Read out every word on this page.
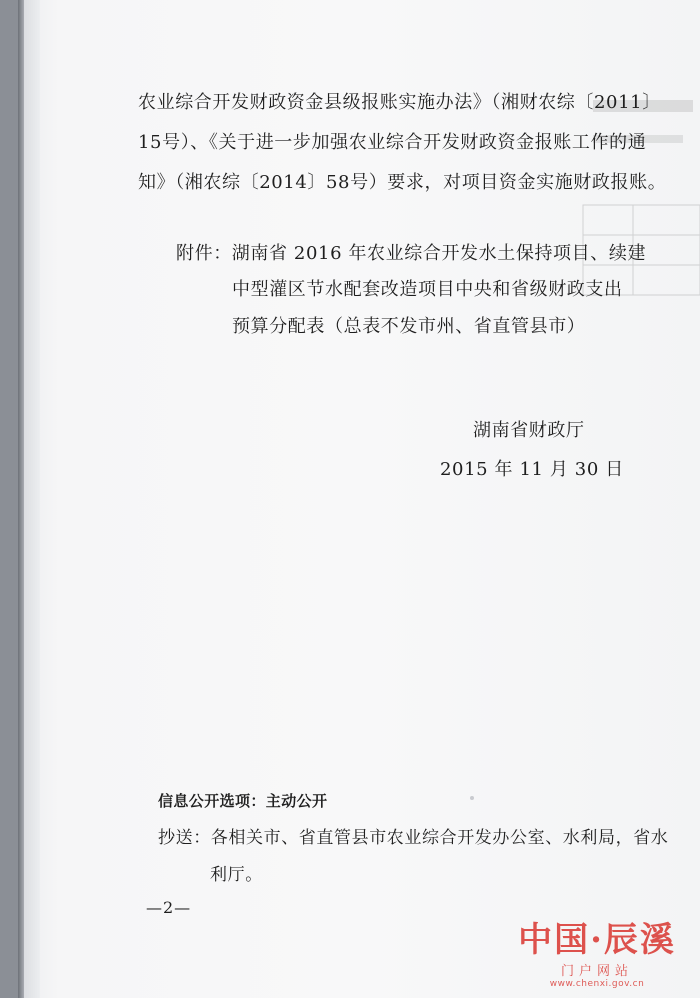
农业综合开发财政资金县级报账实施办法》（湘财农综〔2011〕
15号）、《关于进一步加强农业综合开发财政资金报账工作的通
知》（湘农综〔2014〕58号）要求，对项目资金实施财政报账。
附件：湖南省 2016 年农业综合开发水土保持项目、续建
中型灌区节水配套改造项目中央和省级财政支出
预算分配表（总表不发市州、省直管县市）
湖南省财政厅
2015 年 11 月 30 日
信息公开选项：主动公开
抄送：各相关市、省直管县市农业综合开发办公室、水利局，省水
利厅。
—2—
中国·辰溪
门户网站
www.chenxi.gov.cn
